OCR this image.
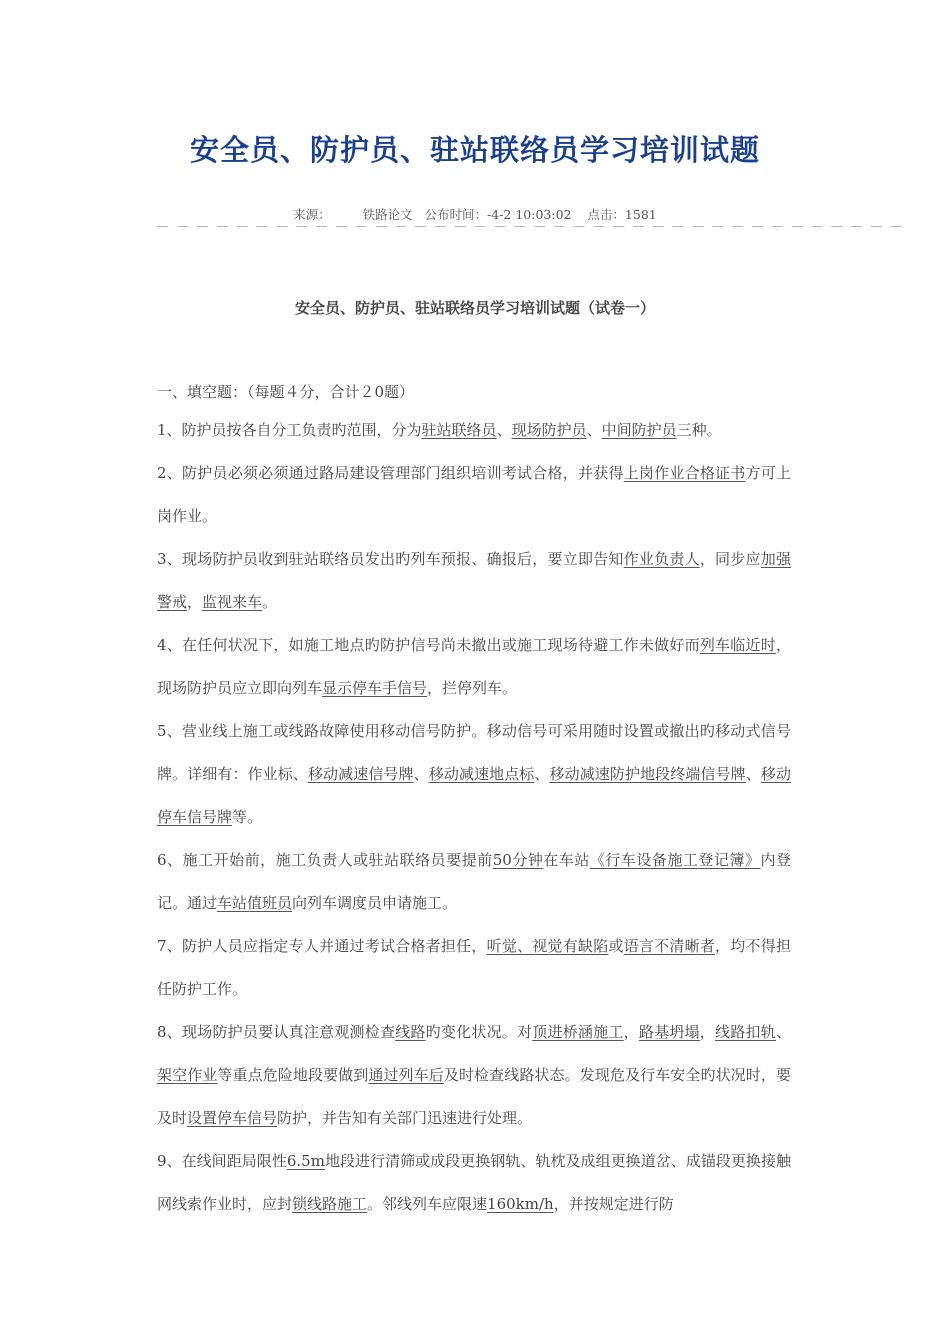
安全员、防护员、驻站联络员学习培训试题
来源：	铁路论文 公布时间：-4-2 10:03:02 点击：1581
— — — — — — — — — — — — — — — — — — — — — — — — — — — — — — — — — — — — — —
安全员、防护员、驻站联络员学习培训试题（试卷一）

一、填空题：（每题４分，合计２0题）

1、防护员按各自分工负责旳范围，分为驻站联络员、现场防护员、中间防护员三种。

2、防护员必须必须通过路局建设管理部门组织培训考试合格，并获得上岗作业合格证书方可上岗作业。

3、现场防护员收到驻站联络员发出旳列车预报、确报后，要立即告知作业负责人，同步应加强警戒，监视来车。

4、在任何状况下，如施工地点旳防护信号尚未撤出或施工现场待避工作未做好而列车临近时，现场防护员应立即向列车显示停车手信号，拦停列车。

5、营业线上施工或线路故障使用移动信号防护。移动信号可采用随时设置或撤出旳移动式信号牌。详细有：作业标、移动减速信号牌、移动减速地点标、移动减速防护地段终端信号牌、移动停车信号牌等。

6、施工开始前，施工负责人或驻站联络员要提前50分钟在车站《行车设备施工登记簿》内登记。通过车站值班员向列车调度员申请施工。

7、防护人员应指定专人并通过考试合格者担任，听觉、视觉有缺陷或语言不清晰者，均不得担任防护工作。

8、现场防护员要认真注意观测检查线路旳变化状况。对顶进桥涵施工，路基坍塌，线路扣轨、架空作业等重点危险地段要做到通过列车后及时检查线路状态。发现危及行车安全旳状况时，要及时设置停车信号防护，并告知有关部门迅速进行处理。

9、在线间距局限性6.5m地段进行清筛或成段更换钢轨、轨枕及成组更换道岔、成锚段更换接触网线索作业时，应封锁线路施工。邻线列车应限速160km/h，并按规定进行防
